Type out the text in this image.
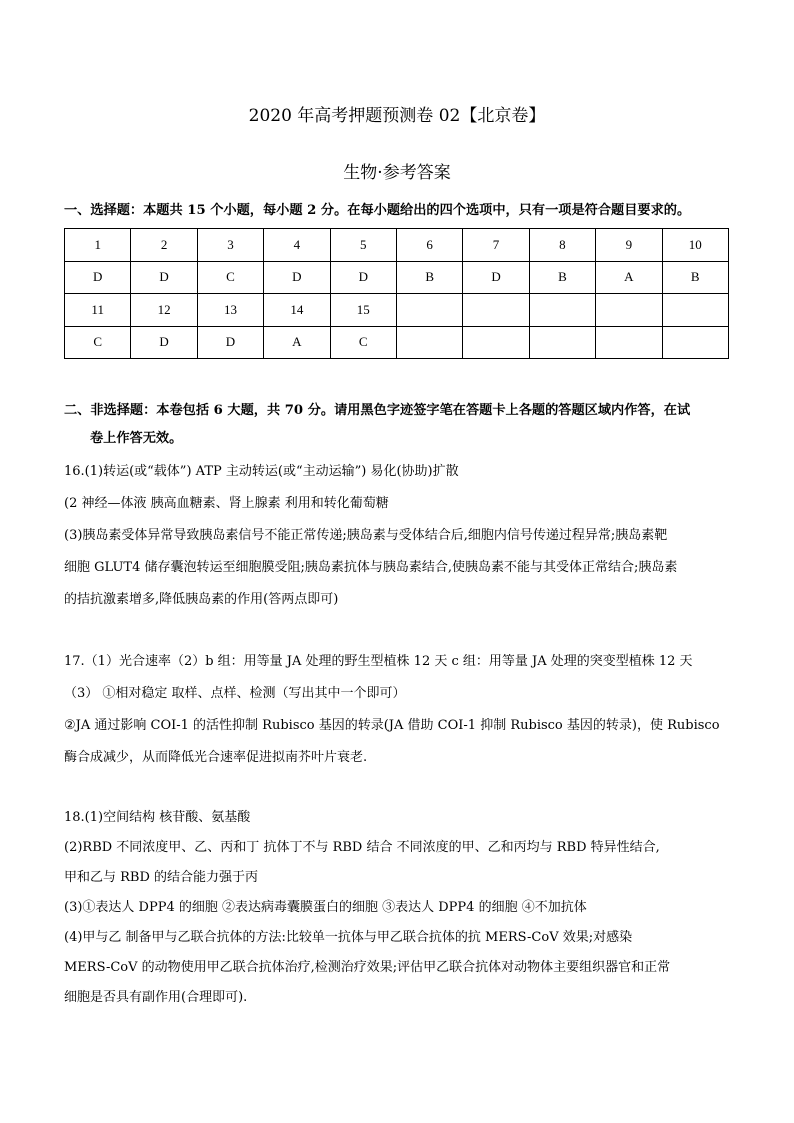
2020 年高考押题预测卷 02【北京卷】
生物·参考答案
一、选择题：本题共 15 个小题，每小题 2 分。在每小题给出的四个选项中，只有一项是符合题目要求的。
1	2	3	4	5	6	7	8	9	10
D	D	C	D	D	B	D	B	A	B
11	12	13	14	15					
C	D	D	A	C					
二、非选择题：本卷包括 6 大题，共 70 分。请用黑色字迹签字笔在答题卡上各题的答题区域内作答，在试
卷上作答无效。
16.(1)转运(或“载体”) ATP 主动转运(或“主动运输”) 易化(协助)扩散
(2 神经—体液 胰高血糖素、肾上腺素 利用和转化葡萄糖
(3)胰岛素受体异常导致胰岛素信号不能正常传递;胰岛素与受体结合后,细胞内信号传递过程异常;胰岛素靶
细胞 GLUT4 储存囊泡转运至细胞膜受阻;胰岛素抗体与胰岛素结合,使胰岛素不能与其受体正常结合;胰岛素
的拮抗激素增多,降低胰岛素的作用(答两点即可)
17.（1）光合速率（2）b 组：用等量 JA 处理的野生型植株 12 天 c 组：用等量 JA 处理的突变型植株 12 天
（3） ①相对稳定 取样、点样、检测（写出其中一个即可）
②JA 通过影响 COI-1 的活性抑制 Rubisco 基因的转录(JA 借助 COI-1 抑制 Rubisco 基因的转录)，使 Rubisco
酶合成减少，从而降低光合速率促进拟南芥叶片衰老.
18.(1)空间结构 核苷酸、氨基酸
(2)RBD 不同浓度甲、乙、丙和丁 抗体丁不与 RBD 结合 不同浓度的甲、乙和丙均与 RBD 特异性结合,
甲和乙与 RBD 的结合能力强于丙
(3)①表达人 DPP4 的细胞 ②表达病毒囊膜蛋白的细胞 ③表达人 DPP4 的细胞 ④不加抗体
(4)甲与乙 制备甲与乙联合抗体的方法:比较单一抗体与甲乙联合抗体的抗 MERS-CoV 效果;对感染
MERS-CoV 的动物使用甲乙联合抗体治疗,检测治疗效果;评估甲乙联合抗体对动物体主要组织器官和正常
细胞是否具有副作用(合理即可).
